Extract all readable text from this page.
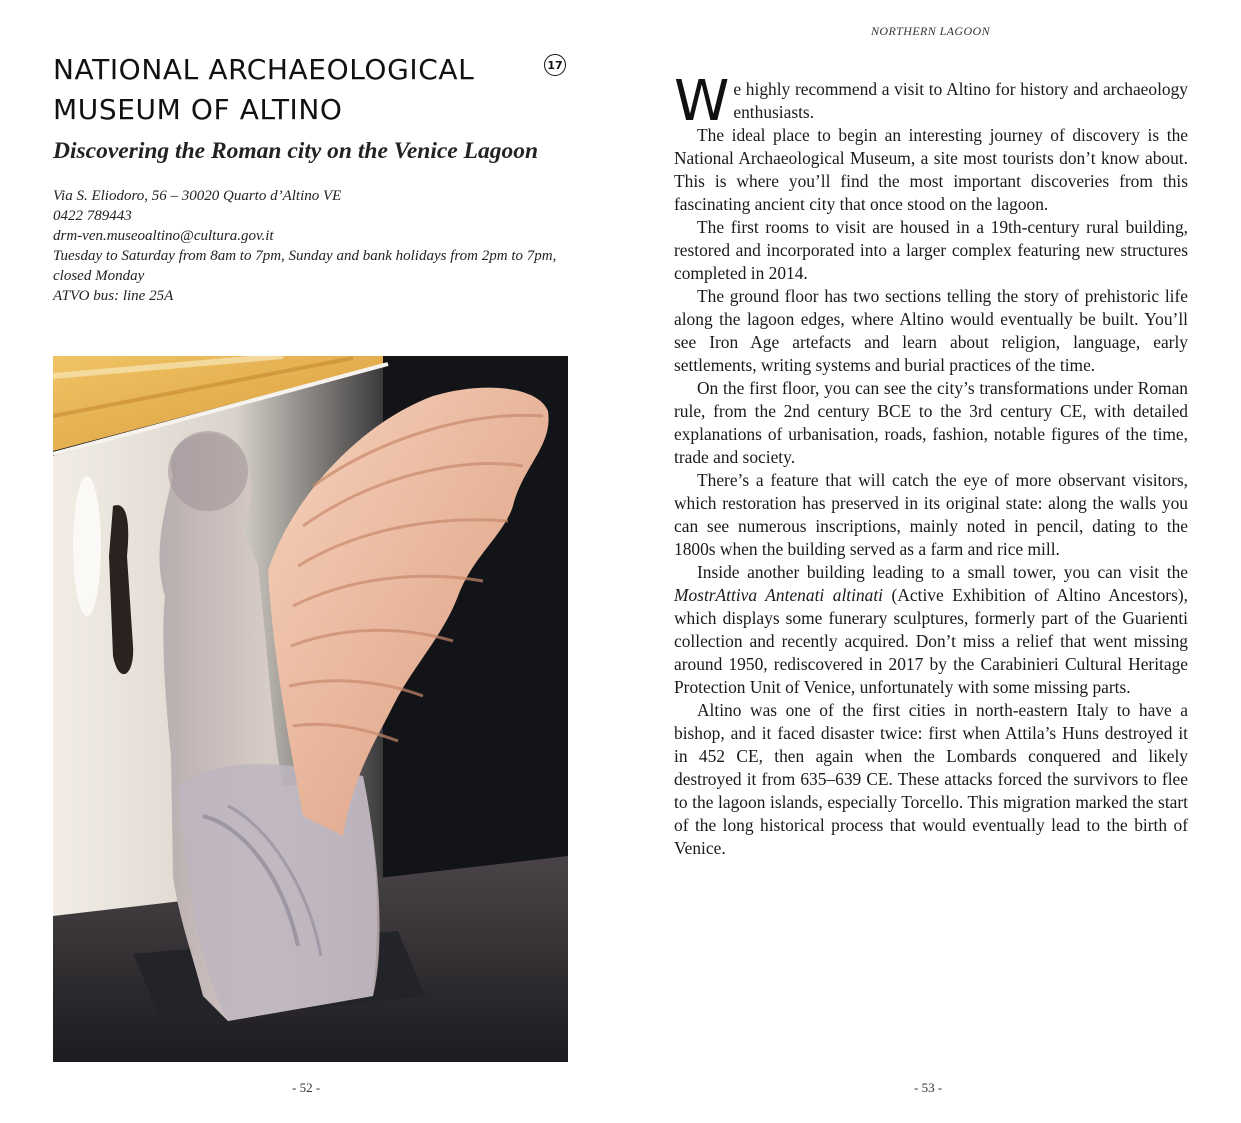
NATIONAL ARCHAEOLOGICAL
MUSEUM OF ALTINO
17
Discovering the Roman city on the Venice Lagoon
Via S. Eliodoro, 56 – 30020 Quarto d’Altino VE
0422 789443
drm-ven.museoaltino@cultura.gov.it
Tuesday to Saturday from 8am to 7pm, Sunday and bank holidays from 2pm to 7pm, closed Monday
ATVO bus: line 25A
- 52 -
NORTHERN LAGOON

We highly recommend a visit to Altino for history and archaeology enthusiasts.

The ideal place to begin an interesting journey of discovery is the National Archaeological Museum, a site most tourists don’t know about. This is where you’ll find the most important discoveries from this fascinating ancient city that once stood on the lagoon.

The first rooms to visit are housed in a 19th-century rural building, restored and incorporated into a larger complex featuring new structures completed in 2014.

The ground floor has two sections telling the story of prehistoric life along the lagoon edges, where Altino would eventually be built. You’ll see Iron Age artefacts and learn about religion, language, early settlements, writing systems and burial practices of the time.

On the first floor, you can see the city’s transformations under Roman rule, from the 2nd century BCE to the 3rd century CE, with detailed explanations of urbanisation, roads, fashion, notable figures of the time, trade and society.

There’s a feature that will catch the eye of more observant visitors, which restoration has preserved in its original state: along the walls you can see numerous inscriptions, mainly noted in pencil, dating to the 1800s when the building served as a farm and rice mill.

Inside another building leading to a small tower, you can visit the MostrAttiva Antenati altinati (Active Exhibition of Altino Ancestors), which displays some funerary sculptures, formerly part of the Guarienti collection and recently acquired. Don’t miss a relief that went missing around 1950, rediscovered in 2017 by the Carabinieri Cultural Heritage Protection Unit of Venice, unfortunately with some missing parts.

Altino was one of the first cities in north-eastern Italy to have a bishop, and it faced disaster twice: first when Attila’s Huns destroyed it in 452 CE, then again when the Lombards conquered and likely destroyed it from 635–639 CE. These attacks forced the survivors to flee to the lagoon islands, especially Torcello. This migration marked the start of the long historical process that would eventually lead to the birth of Venice.

- 53 -
